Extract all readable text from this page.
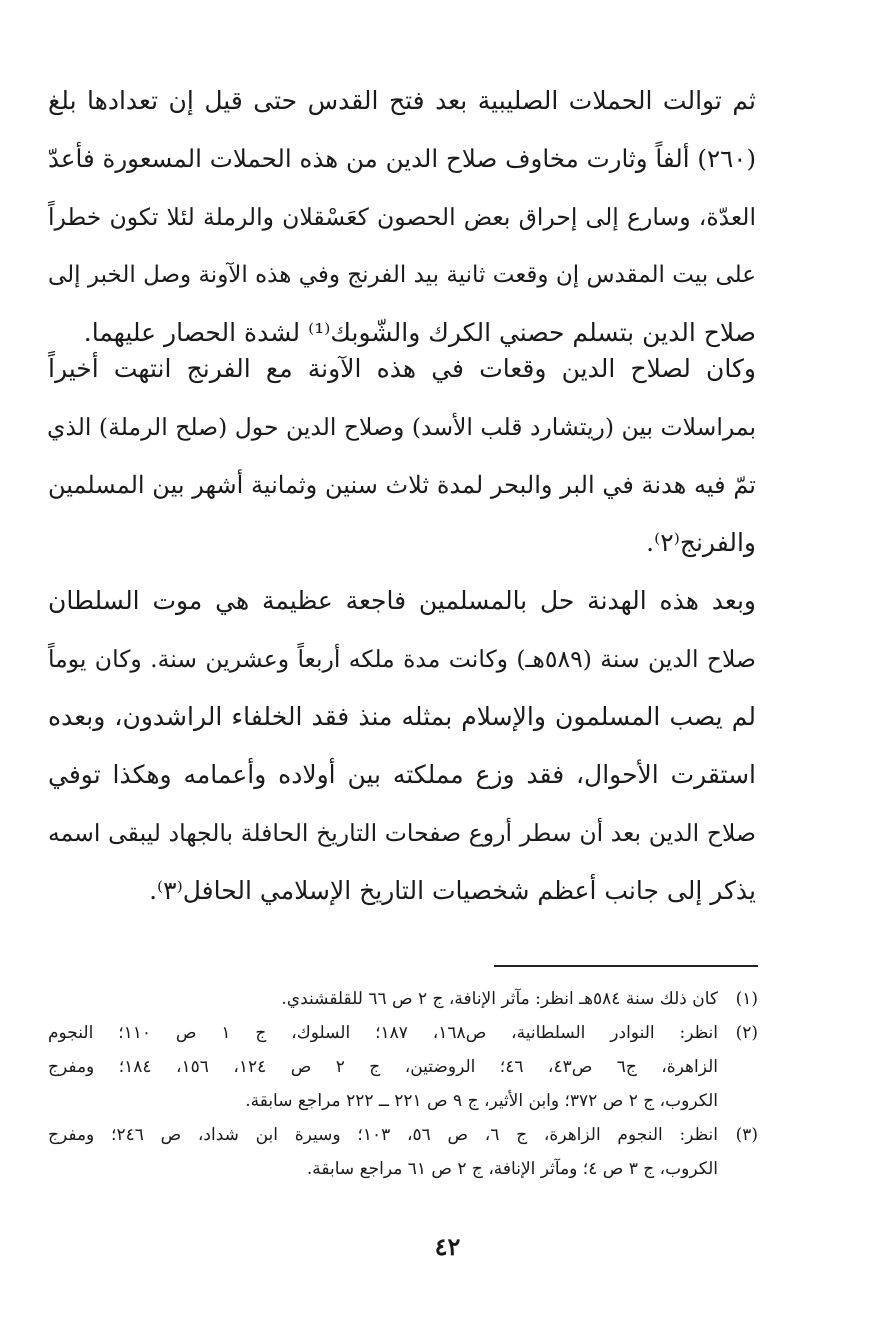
ثم توالت الحملات الصليبية بعد فتح القدس حتى قيل إن تعدادها بلغ
(٢٦٠) ألفاً وثارت مخاوف صلاح الدين من هذه الحملات المسعورة فأعدّ
العدّة، وسارع إلى إحراق بعض الحصون كعَسْقلان والرملة لئلا تكون خطراً
على بيت المقدس إن وقعت ثانية بيد الفرنج وفي هذه الآونة وصل الخبر إلى
صلاح الدين بتسلم حصني الكرك والشّوبك⁽¹⁾ لشدة الحصار عليهما.
وكان لصلاح الدين وقعات في هذه الآونة مع الفرنج انتهت أخيراً
بمراسلات بين (ريتشارد قلب الأسد) وصلاح الدين حول (صلح الرملة) الذي
تمّ فيه هدنة في البر والبحر لمدة ثلاث سنين وثمانية أشهر بين المسلمين
والفرنج⁽٢⁾.
وبعد هذه الهدنة حل بالمسلمين فاجعة عظيمة هي موت السلطان
صلاح الدين سنة (٥٨٩هـ) وكانت مدة ملكه أربعاً وعشرين سنة. وكان يوماً
لم يصب المسلمون والإسلام بمثله منذ فقد الخلفاء الراشدون، وبعده
استقرت الأحوال، فقد وزع مملكته بين أولاده وأعمامه وهكذا توفي
صلاح الدين بعد أن سطر أروع صفحات التاريخ الحافلة بالجهاد ليبقى اسمه
يذكر إلى جانب أعظم شخصيات التاريخ الإسلامي الحافل⁽٣⁾.
(١)
كان ذلك سنة ٥٨٤هـ انظر: مآثر الإنافة، ج ٢ ص ٦٦ للقلقشندي.
(٢)
انظر: النوادر السلطانية، ص١٦٨، ١٨٧؛ السلوك، ج ١ ص ١١٠؛ النجوم
الزاهرة، ج٦ ص٤٣، ٤٦؛ الروضتين، ج ٢ ص ١٢٤، ١٥٦، ١٨٤؛ ومفرج
الكروب، ج ٢ ص ٣٧٢؛ وابن الأثير، ج ٩ ص ٢٢١ ــ ٢٢٢ مراجع سابقة.
(٣)
انظر: النجوم الزاهرة، ج ٦، ص ٥٦، ١٠٣؛ وسيرة ابن شداد، ص ٢٤٦؛ ومفرج
الكروب، ج ٣ ص ٤؛ ومآثر الإنافة، ج ٢ ص ٦١ مراجع سابقة.
٤٢
